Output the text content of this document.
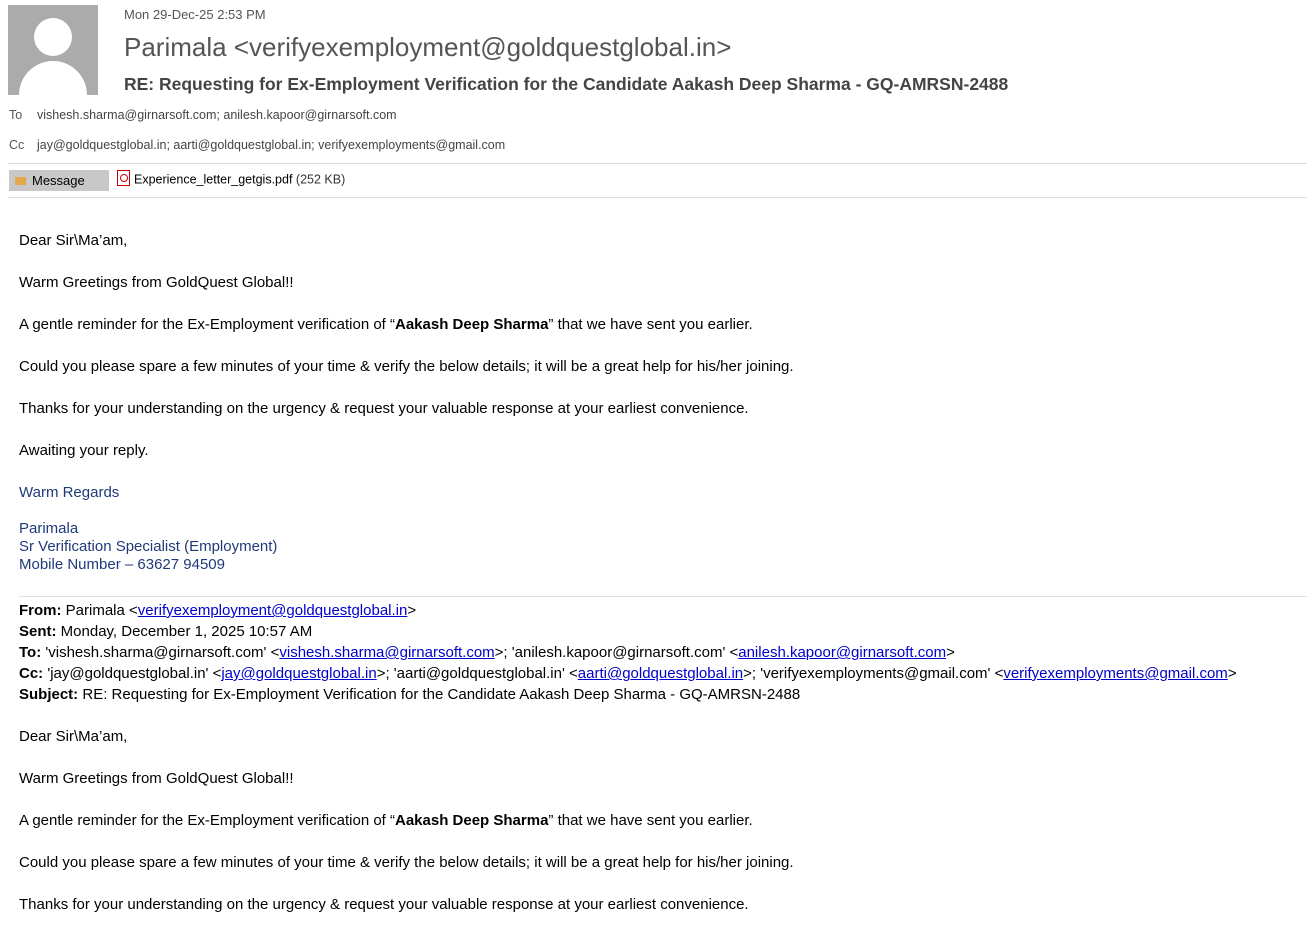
Mon 29-Dec-25 2:53 PM
Parimala <verifyexemployment@goldquestglobal.in>
RE: Requesting for Ex-Employment Verification for the Candidate Aakash Deep Sharma - GQ-AMRSN-2488
To vishesh.sharma@girnarsoft.com; anilesh.kapoor@girnarsoft.com
Cc jay@goldquestglobal.in; aarti@goldquestglobal.in; verifyexemployments@gmail.com
Message	Experience_letter_getgis.pdf (252 KB)
Dear Sir\Ma’am,
Warm Greetings from GoldQuest Global!!
A gentle reminder for the Ex-Employment verification of “Aakash Deep Sharma” that we have sent you earlier.
Could you please spare a few minutes of your time & verify the below details; it will be a great help for his/her joining.
Thanks for your understanding on the urgency & request your valuable response at your earliest convenience.
Awaiting your reply.
Warm Regards
Parimala
Sr Verification Specialist (Employment)
Mobile Number – 63627 94509
From: Parimala <verifyexemployment@goldquestglobal.in>
Sent: Monday, December 1, 2025 10:57 AM
To: 'vishesh.sharma@girnarsoft.com' <vishesh.sharma@girnarsoft.com>; 'anilesh.kapoor@girnarsoft.com' <anilesh.kapoor@girnarsoft.com>
Cc: 'jay@goldquestglobal.in' <jay@goldquestglobal.in>; 'aarti@goldquestglobal.in' <aarti@goldquestglobal.in>; 'verifyexemployments@gmail.com' <verifyexemployments@gmail.com>
Subject: RE: Requesting for Ex-Employment Verification for the Candidate Aakash Deep Sharma - GQ-AMRSN-2488
Dear Sir\Ma’am,
Warm Greetings from GoldQuest Global!!
A gentle reminder for the Ex-Employment verification of “Aakash Deep Sharma” that we have sent you earlier.
Could you please spare a few minutes of your time & verify the below details; it will be a great help for his/her joining.
Thanks for your understanding on the urgency & request your valuable response at your earliest convenience.
